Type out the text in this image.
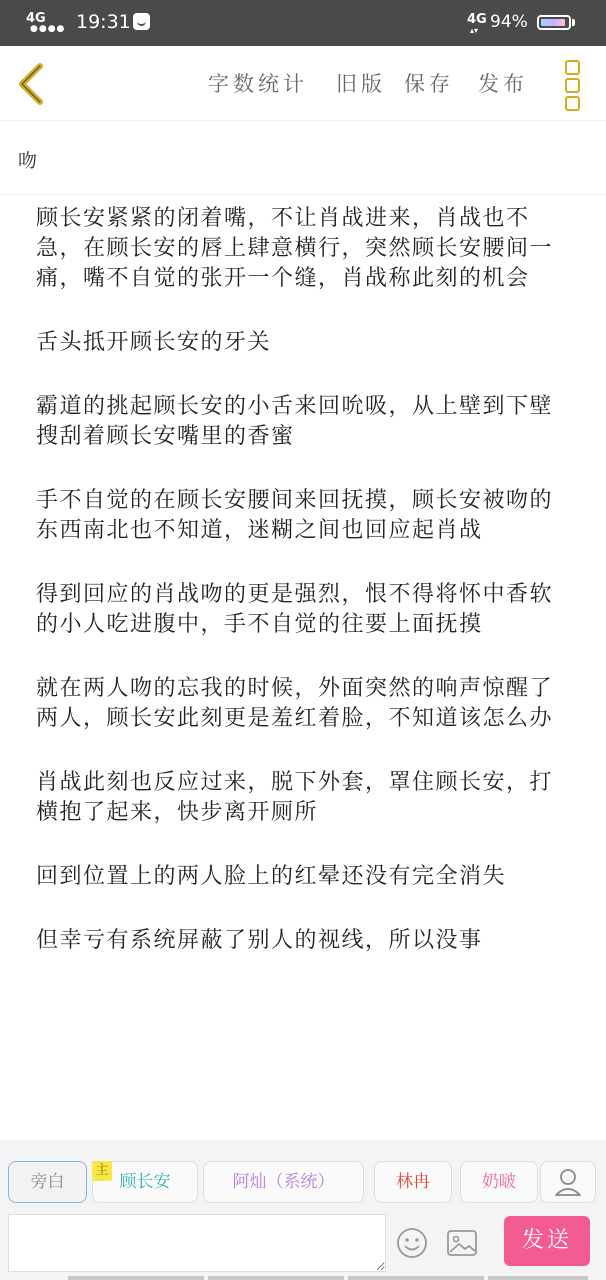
4G
●●●● 19:31	4G
▴▾ 94%
字数统计 旧版 保存 发布
吻

顾长安紧紧的闭着嘴，不让肖战进来，肖战也不急，在顾长安的唇上肆意横行，突然顾长安腰间一痛，嘴不自觉的张开一个缝，肖战称此刻的机会

舌头抵开顾长安的牙关

霸道的挑起顾长安的小舌来回吮吸，从上壁到下壁搜刮着顾长安嘴里的香蜜

手不自觉的在顾长安腰间来回抚摸，顾长安被吻的东西南北也不知道，迷糊之间也回应起肖战

得到回应的肖战吻的更是强烈，恨不得将怀中香软的小人吃进腹中，手不自觉的往要上面抚摸

就在两人吻的忘我的时候，外面突然的响声惊醒了两人，顾长安此刻更是羞红着脸，不知道该怎么办

肖战此刻也反应过来，脱下外套，罩住顾长安，打横抱了起来，快步离开厕所

回到位置上的两人脸上的红晕还没有完全消失

但幸亏有系统屏蔽了别人的视线，所以没事

旁白	顾长安
主
阿灿（系统）	林冉	奶啵
发送
